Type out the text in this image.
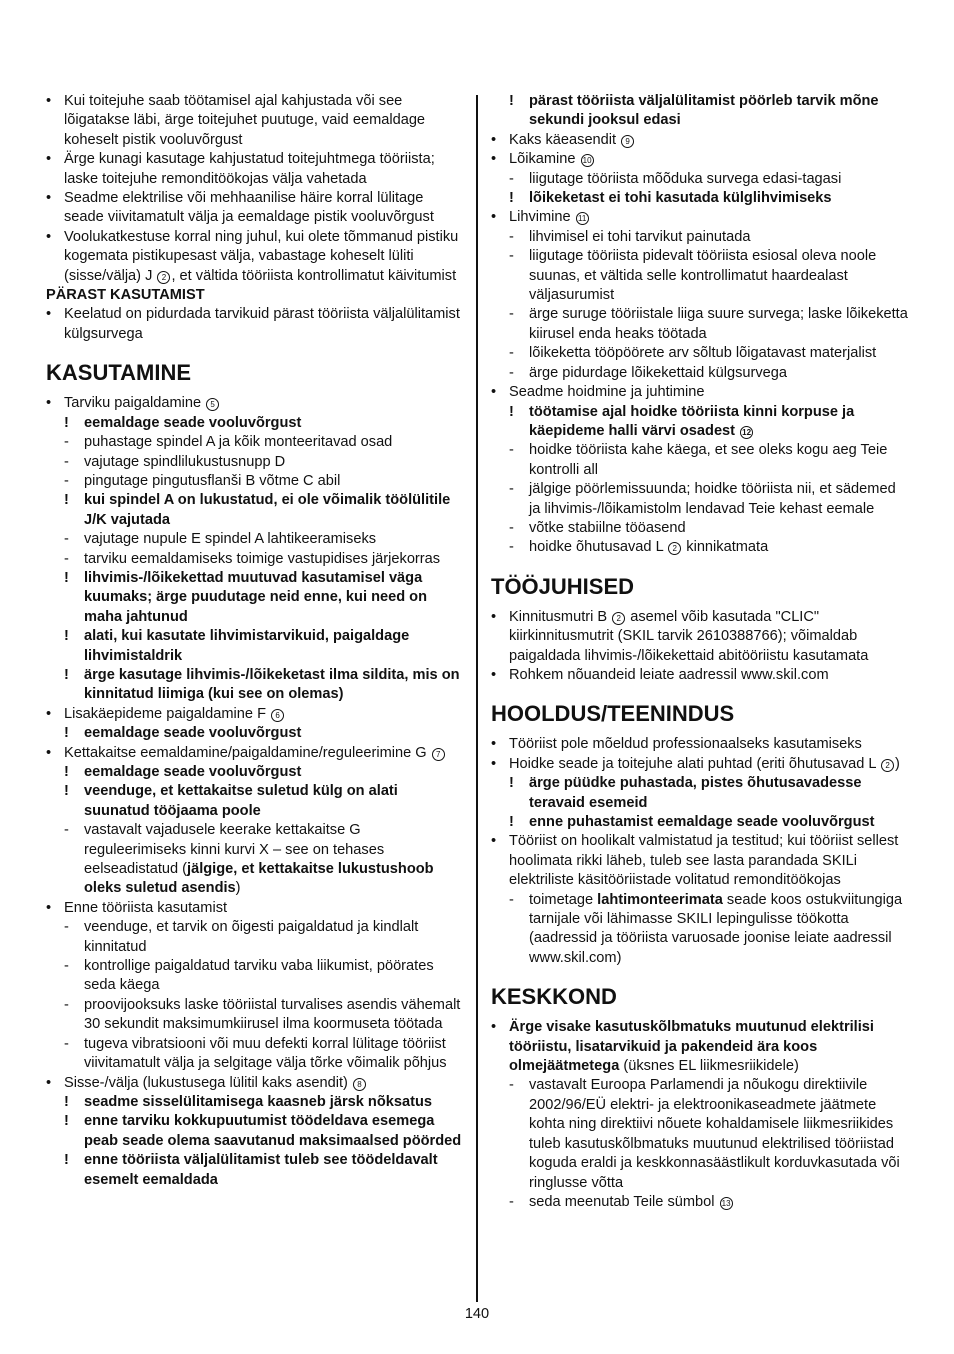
• Kui toitejuhe saab töötamisel ajal kahjustada või see lõigatakse läbi, ärge toitejuhet puutuge, vaid eemaldage koheselt pistik vooluvõrgust
• Ärge kunagi kasutage kahjustatud toitejuhtmega tööriista; laske toitejuhe remonditöökojas välja vahetada
• Seadme elektrilise või mehhaanilise häire korral lülitage seade viivitamatult välja ja eemaldage pistik vooluvõrgust
• Voolukatkestuse korral ning juhul, kui olete tõmmanud pistiku kogemata pistikupesast välja, vabastage koheselt lüliti (sisse/välja) J 2 , et vältida tööriista kontrollimatut käivitumist
PÄRAST KASUTAMIST
• Keelatud on pidurdada tarvikuid pärast tööriista väljalülitamist külgsurvega
KASUTAMINE
• Tarviku paigaldamine 5
! eemaldage seade vooluvõrgust
- puhastage spindel A ja kõik monteeritavad osad
- vajutage spindlilukustusnupp D
- pingutage pingutusflanši B võtme C abil
! kui spindel A on lukustatud, ei ole võimalik töölülitile J/K vajutada
- vajutage nupule E spindel A lahtikeeramiseks
- tarviku eemaldamiseks toimige vastupidises järjekorras
! lihvimis-/lõikekettad muutuvad kasutamisel väga kuumaks; ärge puudutage neid enne, kui need on maha jahtunud
! alati, kui kasutate lihvimistarvikuid, paigaldage lihvimistaldrik
! ärge kasutage lihvimis-/lõikeketast ilma sildita, mis on kinnitatud liimiga (kui see on olemas)
• Lisakäepideme paigaldamine F 6
! eemaldage seade vooluvõrgust
• Kettakaitse eemaldamine/paigaldamine/reguleerimine G 7
! eemaldage seade vooluvõrgust
! veenduge, et kettakaitse suletud külg on alati suunatud tööjaama poole
- vastavalt vajadusele keerake kettakaitse G reguleerimiseks kinni kurvi X – see on tehases eelseadistatud (jälgige, et kettakaitse lukustushoob oleks suletud asendis)
• Enne tööriista kasutamist
- veenduge, et tarvik on õigesti paigaldatud ja kindlalt kinnitatud
- kontrollige paigaldatud tarviku vaba liikumist, pöörates seda käega
- proovijooksuks laske tööriistal turvalises asendis vähemalt 30 sekundit maksimumkiirusel ilma koormuseta töötada
- tugeva vibratsiooni või muu defekti korral lülitage tööriist viivitamatult välja ja selgitage välja tõrke võimalik põhjus
• Sisse-/välja (lukustusega lülitil kaks asendit) 8
! seadme sisselülitamisega kaasneb järsk nõksatus
! enne tarviku kokkupuutumist töödeldava esemega peab seade olema saavutanud maksimaalsed pöörded
! enne tööriista väljalülitamist tuleb see töödeldavalt esemelt eemaldada
! pärast tööriista väljalülitamist pöörleb tarvik mõne sekundi jooksul edasi
• Kaks käeasendit 9
• Lõikamine 10
- liigutage tööriista mõõduka survega edasi-tagasi
! lõikeketast ei tohi kasutada külglihvimiseks
• Lihvimine 11
- lihvimisel ei tohi tarvikut painutada
- liigutage tööriista pidevalt tööriista esiosal oleva noole suunas, et vältida selle kontrollimatut haardealast väljasurumist
- ärge suruge tööriistale liiga suure survega; laske lõikeketta kiirusel enda heaks töötada
- lõikeketta tööpöörete arv sõltub lõigatavast materjalist
- ärge pidurdage lõikekettaid külgsurvega
• Seadme hoidmine ja juhtimine
! töötamise ajal hoidke tööriista kinni korpuse ja käepideme halli värvi osadest 12
- hoidke tööriista kahe käega, et see oleks kogu aeg Teie kontrolli all
- jälgige pöörlemissuunda; hoidke tööriista nii, et sädemed ja lihvimis-/lõikamistolm lendavad Teie kehast eemale
- võtke stabiilne tööasend
- hoidke õhutusavad L 2 kinnikatmata
TÖÖJUHISED
• Kinnitusmutri B 2 asemel võib kasutada "CLIC" kiirkinnitusmutrit (SKIL tarvik 2610388766); võimaldab paigaldada lihvimis-/lõikekettaid abitööriistu kasutamata
• Rohkem nõuandeid leiate aadressil www.skil.com
HOOLDUS/TEENINDUS
• Tööriist pole mõeldud professionaalseks kasutamiseks
• Hoidke seade ja toitejuhe alati puhtad (eriti õhutusavad L 2 )
! ärge püüdke puhastada, pistes õhutusavadesse teravaid esemeid
! enne puhastamist eemaldage seade vooluvõrgust
• Tööriist on hoolikalt valmistatud ja testitud; kui tööriist sellest hoolimata rikki läheb, tuleb see lasta parandada SKILi elektriliste käsitööriistade volitatud remonditöökojas
- toimetage lahtimonteerimata seade koos ostukviitungiga tarnijale või lähimasse SKILI lepingulisse töökotta (aadressid ja tööriista varuosade joonise leiate aadressil www.skil.com)
KESKKOND
• Ärge visake kasutuskõlbmatuks muutunud elektrilisi tööriistu, lisatarvikuid ja pakendeid ära koos olmejäätmetega (üksnes EL liikmesriikidele)
- vastavalt Euroopa Parlamendi ja nõukogu direktiivile 2002/96/EÜ elektri- ja elektroonikaseadmete jäätmete kohta ning direktiivi nõuete kohaldamisele liikmesriikides tuleb kasutuskõlbmatuks muutunud elektrilised tööriistad koguda eraldi ja keskkonnasäästlikult korduvkasutada või ringlusse võtta
- seda meenutab Teile sümbol 13
140
